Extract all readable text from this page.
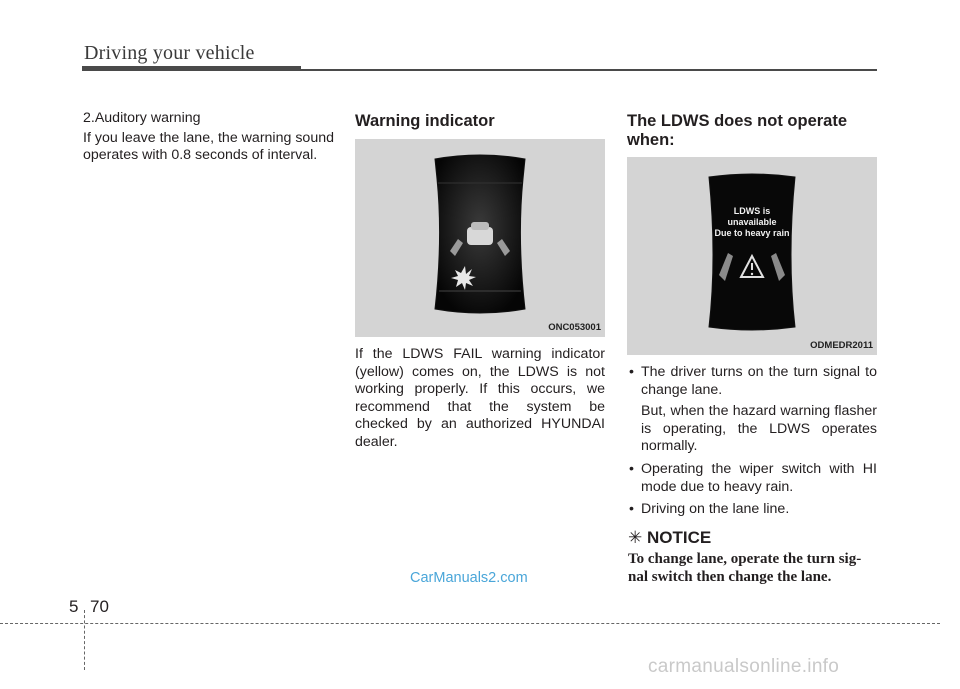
Driving your vehicle
2.Auditory warning
If you leave the lane, the warning sound operates with 0.8 seconds of interval.
Warning indicator
ONC053001
If the LDWS FAIL warning indicator (yellow) comes on, the LDWS is not working properly. If this occurs, we recommend that the system be checked by an authorized HYUNDAI dealer.
The LDWS does not operate
when:
LDWS is
unavailable
Due to heavy rain
ODMEDR2011
• The driver turns on the turn signal to change lane.
But, when the hazard warning flasher is operating, the LDWS operates normally.
• Operating the wiper switch with HI mode due to heavy rain.
• Driving on the lane line.
✳ NOTICE
To change lane, operate the turn sig-
nal switch then change the lane.
CarManuals2.com
5 70
carmanualsonline.info
